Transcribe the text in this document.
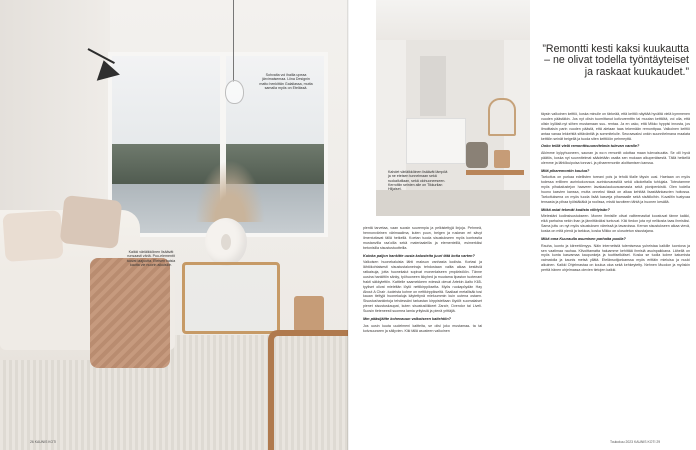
Sohvalta voi ihailla upeaa järvimaisemaa. Liina Designin matto henkittän Galaliassa, mutta samalla myös on Etelässä.
Kaikki väriäikköinen lisäävät runsaasti väriä. Puu-elementit tuovat laajuutta. Eteisen kaisia kautta vie nuorin aikuisille.
26 KAUNIS KOTI
Kahdet väriäikköinen lisäävät lämpöä ja ne eteisen tunnelmaan sekä ruokailutilaan, sekä olohuoneeseen. Kerroltiin seinien alle on Tikkurilan Hiljaiset.
”Remontti kesti kaksi kuukautta – ne olivat todella työntäyteiset ja raskaat kuukaudet.”

pientä tarvetaa, vaan suosin suurempia ja pelkistettyjä linjoja. Pehmeä, hennonvärinen värimaailma, kuten puun, beigen ja ruskean eri sävyt ilmentuttavat tällä hetkellä. Koetan tuoda sisustukseen myös kontrastia mustanvilla raa'oilla sekä materiaaleilla ja elementeillä, esimerkiksi betonisilla sisustustuotteilla.

Kuinka paljon hankitte uusia kalusteita juuri tätä kotia varten?

Valkoisen huonekaluista lähti maksun vanhasta kodista. Kortasi ja lähtökohtaisesti sisustustaloneiraja tehdostaan valita aikaa kestäviä ratkaisuja, jotta huonekalut sopivat monenlaiseen ympäristöön. Tänne uusina hankittiin sänky, työhuoneen ikkyhed ja muutama lipaston tuotenanl frakti säkkytettiin. Kattielle saamekkeen edessä olevat Artekin Aalto K65-tyyliset olivat mieleltän löytö nettikirppikselta. Myös ruokapöydän Hay About A Chair -tuoleista kohne on nettikirppikseltä. Saaliaat metallisäk tosi kauan tieltyjä huonekaluja käytettynä mieluummin kuin uutena ostaen. Sisustushankintoja tehdessäni tarkastan kirppisteltaan löydöt suomalaiset pienet sisustuskaupat, kuten sisustusliikkeet Zara'e, Dvendor tai Liveli. Suosin tieteneesti suomea lamia yrityksiä ja pienä yrittäjiä.

Mm pääsijäitte kohenauun valkoiseen kaitehtiin?

Jos uusin kuuta uudelmeni kaitteita, se olisi joko mustamaa- ta tai kotvauuraren ja säilyvien. Kiki tällä asusteen valkoinen

täysin valkoinen keittiö, koska minulle on tärkeää, että keittiö näyttää hyvältä vielä kymmenen vuoden päästäkin. Jos nyt olisin tuomittanut kotivuremtttn tai muutan keittiötä, voi olla, että olisin kylläsit.nyt siihen mustamaan suu- rentaa. Ja en usko, että Mikko hyppisi innosta, jos ilmoittaisin parin vuoden päästä, että aletaan taas tekemään remonttpaa. Valkoinen keittiö antaa vanaa lekkehtiä sittäväntilä ja sommiteluile. Seuraavaksi onkin suunnitelmana maalata keittiön seinät beigellä ja tuoda siten keittiöön pehmeyttä.

Onko teillä vielä remonttisuunnitelmia tulevan varalle?

Aikimme kylpyhuoneen, saunan ja wc:n remontit odottaa maan tulevaisuutta. Se olli hyvä päätös, koska nyt suunnitelmat säädetään osalta sen mukaan alkuperäisestä. Tällä hetkellä olemme ja lähtökuipoisa tonnari- ja pihaeremontin aloittamisen kanssa.

Mitä piharemontin koulua?

Tarkoitus on purkaa edellisten toreani pois ja tehdä tilalle täysin uusi. Haetaan on myös todessa erillinen aurinkokorvaus aurinkovarastöä sekä ulkokeltalla tuhlujala. Toteutamme myös pihakalustejon haaveen lavakaulaukuvausmasta sekä pionipenkistä. Olen todella huono kasvien kanssa, mutta onneksi tässä on alkaa kehitää lisastäänkasvien hoitossa. Tarkoituksena on myös tuoda lisää kasveja pihamaalle sekä sisätiloihin. Kuvailtin tuatyvaa tensasta ja pihaa työlstäkäkä ja roolissa, mistä tavoiteen tähtä ja huonen kesällä.

Mitkä asiat tekevät kodista viihtyisän?

Mielestäni kodinsisustukseen. Monen ihmisille olivat valiteenastiat koostuvat tänne kaikki, eikä parhaina nekin ihan ja jännittäväksi tuntuvat. Kiki tiedon jota nyt nelikosta taas ihmisiksi. Sama juttu on nyt myös sisustuksen väreissä ja tavaroissa. Kerran sisustukseen aikaa vievä, koska on mitä pienä ja tarkkoa, koska Mikko on ulosotetun sisustajana.

Mikä oma Kuuraulla asumisen parhaita puolia?

Rauha, luonto ja kiireettömyys. Näin internetistä tulemisessa yuheistaa kaikille luontona ja sen vaatimaa rauhaa. Kilvoittamatta haluamme kehittää ihmisiä asuinpaikkana. Lähellä on myös kunta kasvamaa kaupunkeja ja tuuttiselkäiset. Koska se tuolla kolme katumista vaimatolla ja kaunis metsä yllätä. Etelänsotijonkanssa myös erittäin mieluisa ja nuuki aikuinen. Kaikki Ohjelmastaa on koulua oloa sekä kehkeytetty. Nehnen Muodon ja myöskin perttä hänen ohjelmassa olevien tietojen kaikki.

Toukokuu 2023 KAUNIS KOTI 29
